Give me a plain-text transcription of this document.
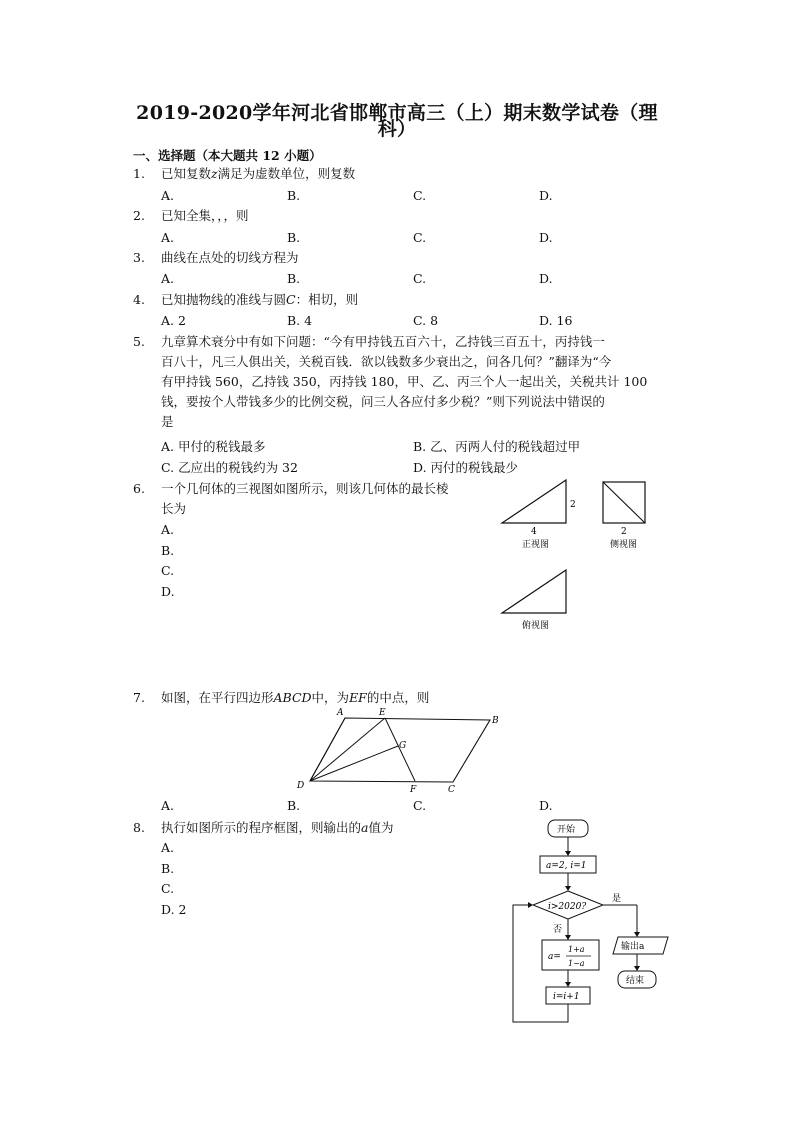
2019-2020学年河北省邯郸市高三（上）期末数学试卷（理
科）
一、选择题（本大题共 12 小题）
1. 已知复数z满足为虚数单位，则复数
A.	B.	C.	D.
2. 已知全集，，，则
A.	B.	C.	D.
3. 曲线在点处的切线方程为
A.	B.	C.	D.
4. 已知抛物线的准线与圆C：相切，则
A. 2	B. 4	C. 8	D. 16
5. 九章算术衰分中有如下问题：“今有甲持钱五百六十，乙持钱三百五十，丙持钱一
百八十，凡三人俱出关，关税百钱．欲以钱数多少衰出之，问各几何？”翻译为“今
有甲持钱 560，乙持钱 350，丙持钱 180，甲、乙、丙三个人一起出关，关税共计 100
钱，要按个人带钱多少的比例交税，问三人各应付多少税？”则下列说法中错误的
是
A. 甲付的税钱最多	B. 乙、丙两人付的税钱超过甲
C. 乙应出的税钱约为 32	D. 丙付的税钱最少
6. 一个几何体的三视图如图所示，则该几何体的最长棱
长为
A.
B.
C.
D.
2
4
正视图
2
侧视图
俯视图
7. 如图，在平行四边形ABCD中，为EF的中点，则
A	E
B
G
D	F	C
A.	B.	C.	D.
8. 执行如图所示的程序框图，则输出的a值为
A.
B.
C.
D. 2
开始
a=2, i=1
i>2020?
是
输出a
结束
否
a=
1+a
1−a
i=i+1
